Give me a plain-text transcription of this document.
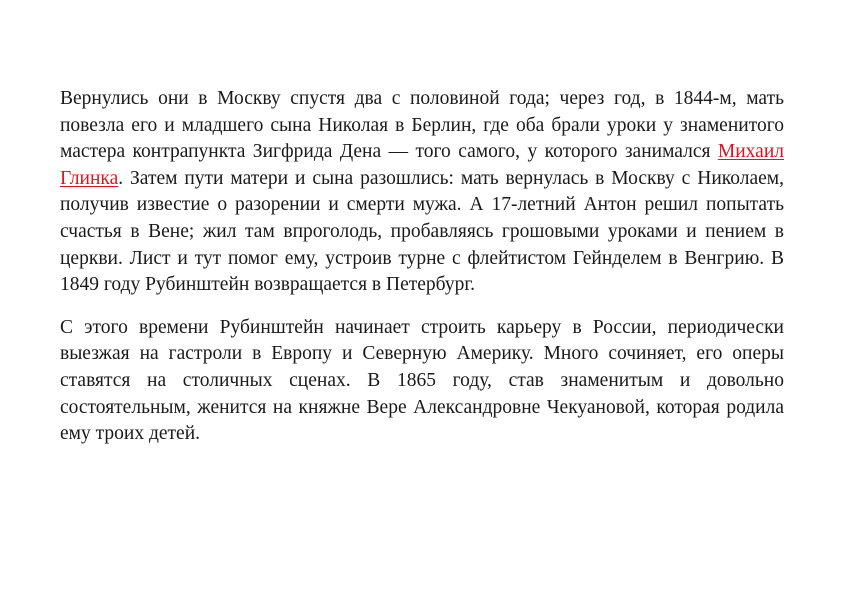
Вернулись они в Москву спустя два с половиной года; через год, в 1844-м, мать повезла его и младшего сына Николая в Берлин, где оба брали уроки у знаменитого мастера контрапункта Зигфрида Дена — того самого, у которого занимался Михаил Глинка. Затем пути матери и сына разошлись: мать вернулась в Москву с Николаем, получив известие о разорении и смерти мужа. А 17-летний Антон решил попытать счастья в Вене; жил там впроголодь, пробавляясь грошовыми уроками и пением в церкви. Лист и тут помог ему, устроив турне с флейтистом Гейнделем в Венгрию. В 1849 году Рубинштейн возвращается в Петербург.

С этого времени Рубинштейн начинает строить карьеру в России, периодически выезжая на гастроли в Европу и Северную Америку. Много сочиняет, его оперы ставятся на столичных сценах. В 1865 году, став знаменитым и довольно состоятельным, женится на княжне Вере Александровне Чекуановой, которая родила ему троих детей.
